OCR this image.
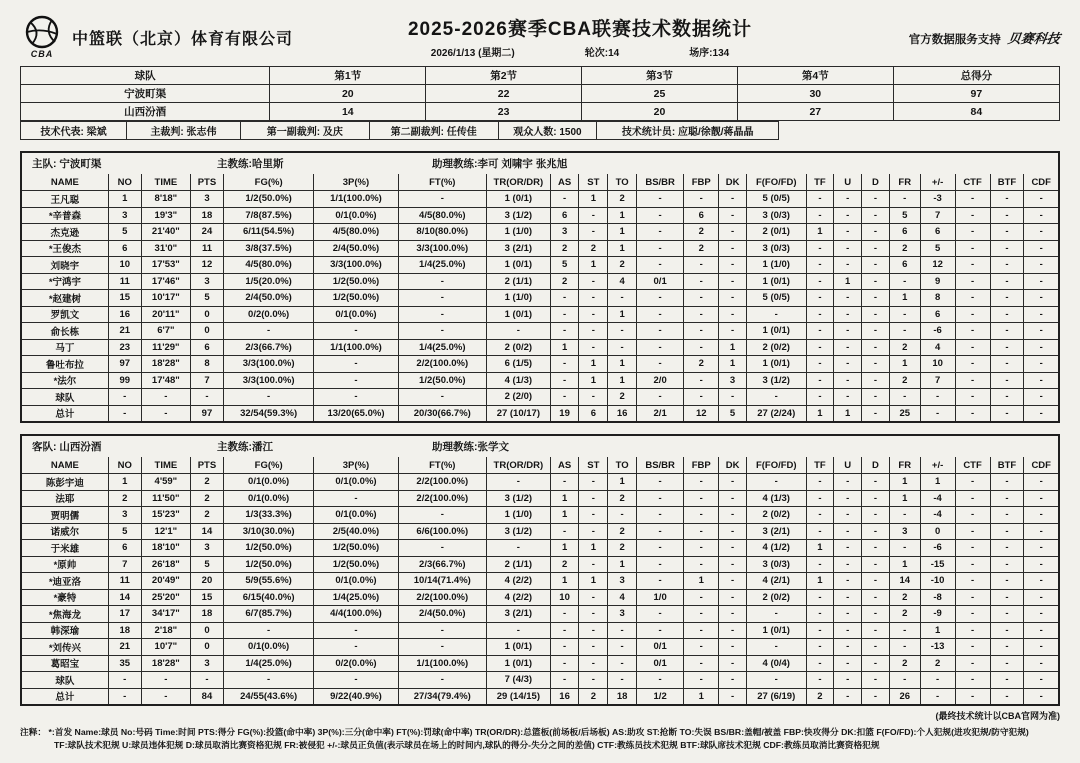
CBA
中篮联（北京）体育有限公司	2025-2026赛季CBA联赛技术数据统计
2026/1/13 (星期二)	轮次:14	场序:134
官方数据服务支持 贝赛科技
球队	第1节	第2节	第3节	第4节	总得分
宁波町渠	20	22	25	30	97
山西汾酒	14	23	20	27	84
技术代表: 梁斌	主裁判: 张志伟	第一副裁判: 及庆	第二副裁判: 任传佳	观众人数: 1500	技术统计员: 应聪/徐靓/蒋晶晶
主队: 宁波町渠	主教练:哈里斯	助理教练:李可 刘啸宇 张兆旭
NAME	NO	TIME	PTS	FG(%)	3P(%)	FT(%)	TR(OR/DR)	AS	ST	TO	BS/BR	FBP	DK	F(FO/FD)	TF	U	D	FR	+/-	CTF	BTF	CDF
王凡聪	1	8'18"	3	1/2(50.0%)	1/1(100.0%)	-	1 (0/1)	-	1	2	-	-	-	5 (0/5)	-	-	-	-	-3	-	-	-
*辛普森	3	19'3"	18	7/8(87.5%)	0/1(0.0%)	4/5(80.0%)	3 (1/2)	6	-	1	-	6	-	3 (0/3)	-	-	-	5	7	-	-	-
杰克逊	5	21'40"	24	6/11(54.5%)	4/5(80.0%)	8/10(80.0%)	1 (1/0)	3	-	1	-	2	-	2 (0/1)	1	-	-	6	6	-	-	-
*王俊杰	6	31'0"	11	3/8(37.5%)	2/4(50.0%)	3/3(100.0%)	3 (2/1)	2	2	1	-	2	-	3 (0/3)	-	-	-	2	5	-	-	-
刘晓宇	10	17'53"	12	4/5(80.0%)	3/3(100.0%)	1/4(25.0%)	1 (0/1)	5	1	2	-	-	-	1 (1/0)	-	-	-	6	12	-	-	-
*宁鸿宇	11	17'46"	3	1/5(20.0%)	1/2(50.0%)	-	2 (1/1)	2	-	4	0/1	-	-	1 (0/1)	-	1	-	-	9	-	-	-
*赵建树	15	10'17"	5	2/4(50.0%)	1/2(50.0%)	-	1 (1/0)	-	-	-	-	-	-	5 (0/5)	-	-	-	1	8	-	-	-
罗凯文	16	20'11"	0	0/2(0.0%)	0/1(0.0%)	-	1 (0/1)	-	-	1	-	-	-	-	-	-	-	-	6	-	-	-
俞长栋	21	6'7"	0	-	-	-	-	-	-	-	-	-	-	1 (0/1)	-	-	-	-	-6	-	-	-
马丁	23	11'29"	6	2/3(66.7%)	1/1(100.0%)	1/4(25.0%)	2 (0/2)	1	-	-	-	-	1	2 (0/2)	-	-	-	2	4	-	-	-
鲁吐布拉	97	18'28"	8	3/3(100.0%)	-	2/2(100.0%)	6 (1/5)	-	1	1	-	2	1	1 (0/1)	-	-	-	1	10	-	-	-
*法尔	99	17'48"	7	3/3(100.0%)	-	1/2(50.0%)	4 (1/3)	-	1	1	2/0	-	3	3 (1/2)	-	-	-	2	7	-	-	-
球队	-	-	-	-	-	-	2 (2/0)	-	-	2	-	-	-	-	-	-	-	-	-	-	-	-
总计	-	-	97	32/54(59.3%)	13/20(65.0%)	20/30(66.7%)	27 (10/17)	19	6	16	2/1	12	5	27 (2/24)	1	1	-	25	-	-	-	-
客队: 山西汾酒	主教练:潘江	助理教练:张学文
NAME	NO	TIME	PTS	FG(%)	3P(%)	FT(%)	TR(OR/DR)	AS	ST	TO	BS/BR	FBP	DK	F(FO/FD)	TF	U	D	FR	+/-	CTF	BTF	CDF
陈彭宇迪	1	4'59"	2	0/1(0.0%)	0/1(0.0%)	2/2(100.0%)	-	-	-	1	-	-	-	-	-	-	-	1	1	-	-	-
法耶	2	11'50"	2	0/1(0.0%)	-	2/2(100.0%)	3 (1/2)	1	-	2	-	-	-	4 (1/3)	-	-	-	1	-4	-	-	-
贾明儒	3	15'23"	2	1/3(33.3%)	0/1(0.0%)	-	1 (1/0)	1	-	-	-	-	-	2 (0/2)	-	-	-	-	-4	-	-	-
诺威尔	5	12'1"	14	3/10(30.0%)	2/5(40.0%)	6/6(100.0%)	3 (1/2)	-	-	2	-	-	-	3 (2/1)	-	-	-	3	0	-	-	-
于米雄	6	18'10"	3	1/2(50.0%)	1/2(50.0%)	-	-	1	1	2	-	-	-	4 (1/2)	1	-	-	-	-6	-	-	-
*原帅	7	26'18"	5	1/2(50.0%)	1/2(50.0%)	2/3(66.7%)	2 (1/1)	2	-	1	-	-	-	3 (0/3)	-	-	-	1	-15	-	-	-
*迪亚洛	11	20'49"	20	5/9(55.6%)	0/1(0.0%)	10/14(71.4%)	4 (2/2)	1	1	3	-	1	-	4 (2/1)	1	-	-	14	-10	-	-	-
*豪特	14	25'20"	15	6/15(40.0%)	1/4(25.0%)	2/2(100.0%)	4 (2/2)	10	-	4	1/0	-	-	2 (0/2)	-	-	-	2	-8	-	-	-
*焦海龙	17	34'17"	18	6/7(85.7%)	4/4(100.0%)	2/4(50.0%)	3 (2/1)	-	-	3	-	-	-	-	-	-	-	2	-9	-	-	-
韩深瑜	18	2'18"	0	-	-	-	-	-	-	-	-	-	-	1 (0/1)	-	-	-	-	1	-	-	-
*刘传兴	21	10'7"	0	0/1(0.0%)	-	-	1 (0/1)	-	-	-	0/1	-	-	-	-	-	-	-	-13	-	-	-
葛昭宝	35	18'28"	3	1/4(25.0%)	0/2(0.0%)	1/1(100.0%)	1 (0/1)	-	-	-	0/1	-	-	4 (0/4)	-	-	-	2	2	-	-	-
球队	-	-	-	-	-	-	7 (4/3)	-	-	-	-	-	-	-	-	-	-	-	-	-	-	-
总计	-	-	84	24/55(43.6%)	9/22(40.9%)	27/34(79.4%)	29 (14/15)	16	2	18	1/2	1	-	27 (6/19)	2	-	-	26	-	-	-	-
(最终技术统计以CBA官网为准)
注释： *:首发 Name:球员 No:号码 Time:时间 PTS:得分 FG(%):投篮(命中率) 3P(%):三分(命中率) FT(%):罚球(命中率) TR(OR/DR):总篮板(前场板/后场板) AS:助攻 ST:抢断 TO:失误 BS/BR:盖帽/被盖 FBP:快攻得分 DK:扣篮 F(FO/FD):个人犯规(进攻犯规/防守犯规)
TF:球队技术犯规 U:球员违体犯规 D:球员取消比赛资格犯规 FR:被侵犯 +/-:球员正负值(表示球员在场上的时间内,球队的得分-失分之间的差值) CTF:教练员技术犯规 BTF:球队席技术犯规 CDF:教练员取消比赛资格犯规
